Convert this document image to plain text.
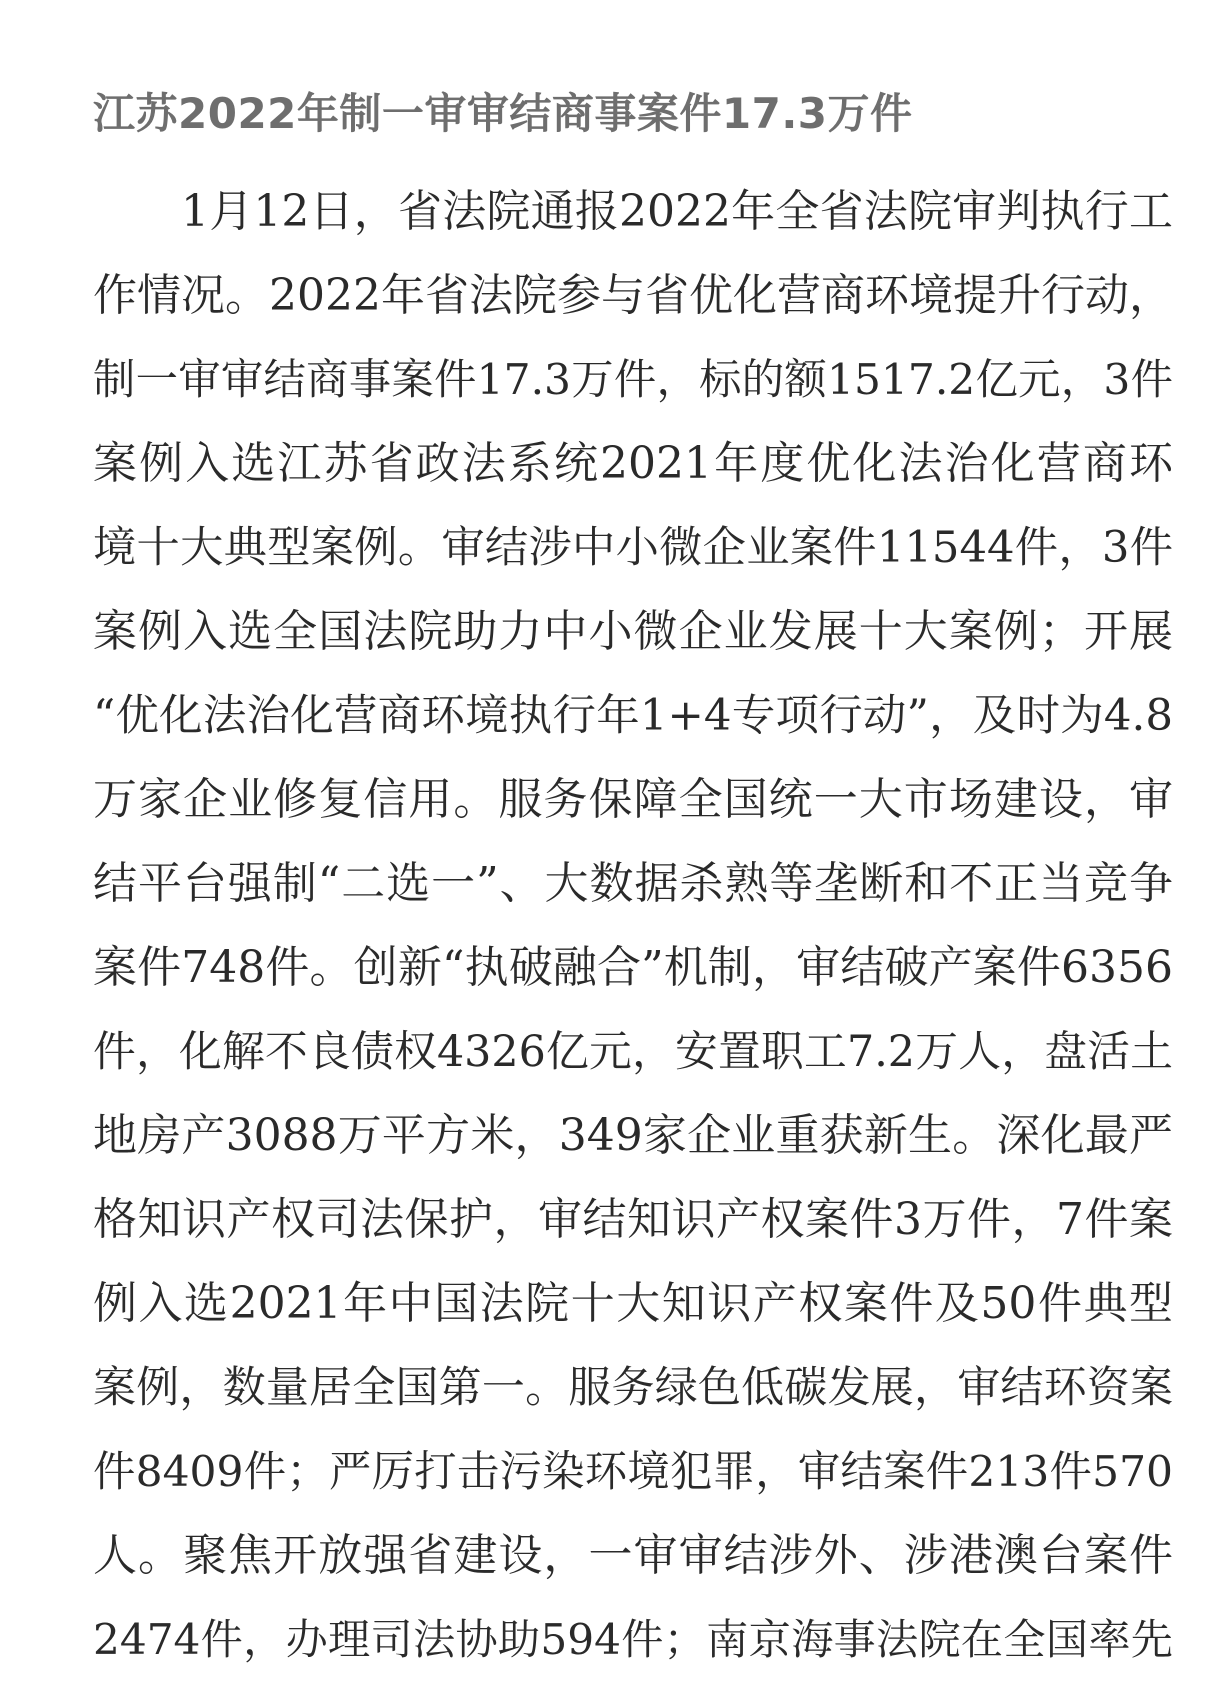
江苏2022年制一审审结商事案件17.3万件
1月12日，省法院通报2022年全省法院审判执行工
作情况。2022年省法院参与省优化营商环境提升行动，
制一审审结商事案件17.3万件，标的额1517.2亿元，3件
案例入选江苏省政法系统2021年度优化法治化营商环
境十大典型案例。审结涉中小微企业案件11544件，3件
案例入选全国法院助力中小微企业发展十大案例；开展
“优化法治化营商环境执行年1+4专项行动”，及时为4.8
万家企业修复信用。服务保障全国统一大市场建设，审
结平台强制“二选一”、大数据杀熟等垄断和不正当竞争
案件748件。创新“执破融合”机制，审结破产案件6356
件，化解不良债权4326亿元，安置职工7.2万人，盘活土
地房产3088万平方米，349家企业重获新生。深化最严
格知识产权司法保护，审结知识产权案件3万件，7件案
例入选2021年中国法院十大知识产权案件及50件典型
案例，数量居全国第一。服务绿色低碳发展，审结环资案
件8409件；严厉打击污染环境犯罪，审结案件213件570
人。聚焦开放强省建设，一审审结涉外、涉港澳台案件
2474件，办理司法协助594件；南京海事法院在全国率先
